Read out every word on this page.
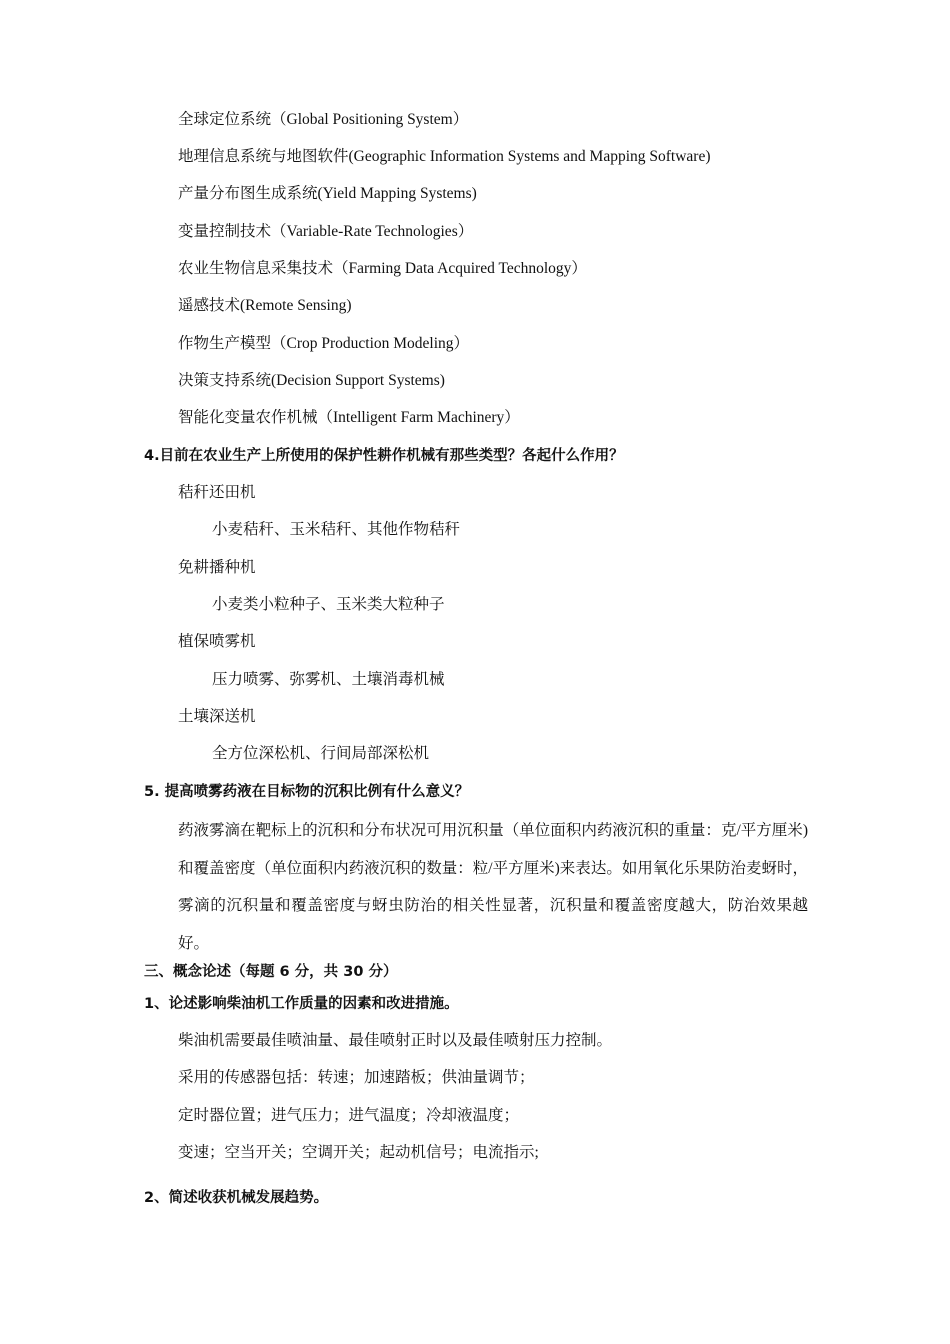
全球定位系统（Global Positioning System）
地理信息系统与地图软件(Geographic Information Systems and Mapping Software)
产量分布图生成系统(Yield Mapping Systems)
变量控制技术（Variable-Rate Technologies）
农业生物信息采集技术（Farming Data Acquired Technology）
遥感技术(Remote Sensing)
作物生产模型（Crop Production Modeling）
决策支持系统(Decision Support Systems)
智能化变量农作机械（Intelligent Farm Machinery）
4.目前在农业生产上所使用的保护性耕作机械有那些类型？各起什么作用？
秸秆还田机
小麦秸秆、玉米秸秆、其他作物秸秆
免耕播种机
小麦类小粒种子、玉米类大粒种子
植保喷雾机
压力喷雾、弥雾机、土壤消毒机械
土壤深送机
全方位深松机、行间局部深松机
5. 提高喷雾药液在目标物的沉积比例有什么意义？
药液雾滴在靶标上的沉积和分布状况可用沉积量（单位面积内药液沉积的重量：克/平方厘米)和覆盖密度（单位面积内药液沉积的数量：粒/平方厘米)来表达。如用氧化乐果防治麦蚜时，雾滴的沉积量和覆盖密度与蚜虫防治的相关性显著，沉积量和覆盖密度越大，防治效果越好。
三、概念论述（每题 6 分，共 30 分）
1、论述影响柴油机工作质量的因素和改进措施。
柴油机需要最佳喷油量、最佳喷射正时以及最佳喷射压力控制。
采用的传感器包括：转速；加速踏板；供油量调节；
定时器位置；进气压力；进气温度；冷却液温度；
变速；空当开关；空调开关；起动机信号；电流指示;
2、简述收获机械发展趋势。
